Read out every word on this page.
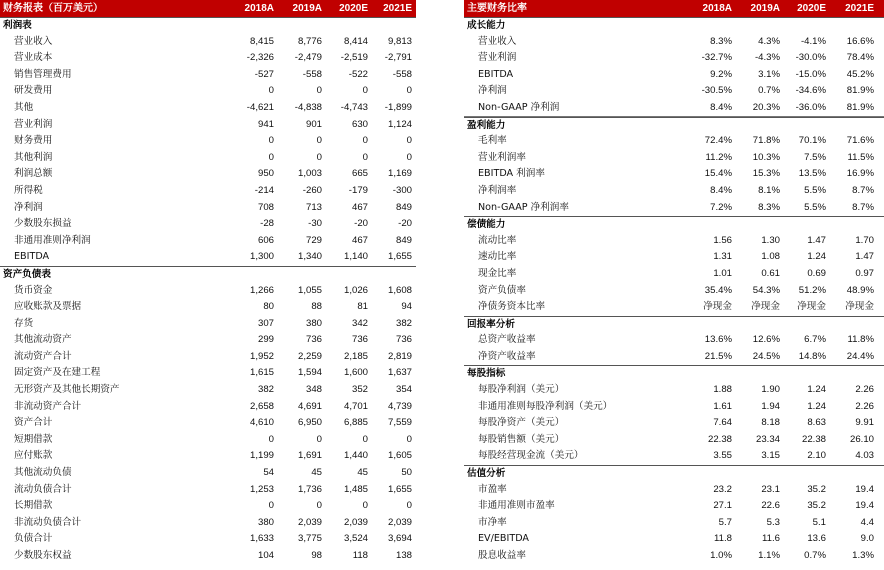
财务报表（百万美元）	2018A	2019A	2020E	2021E
利润表
营业收入	8,415	8,776	8,414	9,813
营业成本	-2,326	-2,479	-2,519	-2,791
销售管理费用	-527	-558	-522	-558
研发费用	0	0	0	0
其他	-4,621	-4,838	-4,743	-1,899
营业利润	941	901	630	1,124
财务费用	0	0	0	0
其他利润	0	0	0	0
利润总额	950	1,003	665	1,169
所得税	-214	-260	-179	-300
净利润	708	713	467	849
少数股东损益	-28	-30	-20	-20
非通用准则净利润	606	729	467	849
EBITDA	1,300	1,340	1,140	1,655
资产负债表
货币资金	1,266	1,055	1,026	1,608
应收账款及票据	80	88	81	94
存货	307	380	342	382
其他流动资产	299	736	736	736
流动资产合计	1,952	2,259	2,185	2,819
固定资产及在建工程	1,615	1,594	1,600	1,637
无形资产及其他长期资产	382	348	352	354
非流动资产合计	2,658	4,691	4,701	4,739
资产合计	4,610	6,950	6,885	7,559
短期借款	0	0	0	0
应付账款	1,199	1,691	1,440	1,605
其他流动负债	54	45	45	50
流动负债合计	1,253	1,736	1,485	1,655
长期借款	0	0	0	0
非流动负债合计	380	2,039	2,039	2,039
负债合计	1,633	3,775	3,524	3,694
少数股东权益	104	98	118	138
主要财务比率	2018A	2019A	2020E	2021E
成长能力
营业收入	8.3%	4.3%	-4.1%	16.6%
营业利润	-32.7%	-4.3%	-30.0%	78.4%
EBITDA	9.2%	3.1%	-15.0%	45.2%
净利润	-30.5%	0.7%	-34.6%	81.9%
Non-GAAP 净利润	8.4%	20.3%	-36.0%	81.9%
盈利能力
毛利率	72.4%	71.8%	70.1%	71.6%
营业利润率	11.2%	10.3%	7.5%	11.5%
EBITDA 利润率	15.4%	15.3%	13.5%	16.9%
净利润率	8.4%	8.1%	5.5%	8.7%
Non-GAAP 净利润率	7.2%	8.3%	5.5%	8.7%
偿债能力
流动比率	1.56	1.30	1.47	1.70
速动比率	1.31	1.08	1.24	1.47
现金比率	1.01	0.61	0.69	0.97
资产负债率	35.4%	54.3%	51.2%	48.9%
净债务资本比率	净现金	净现金	净现金	净现金
回报率分析
总资产收益率	13.6%	12.6%	6.7%	11.8%
净资产收益率	21.5%	24.5%	14.8%	24.4%
每股指标
每股净利润（美元）	1.88	1.90	1.24	2.26
非通用准则每股净利润（美元）	1.61	1.94	1.24	2.26
每股净资产（美元）	7.64	8.18	8.63	9.91
每股销售额（美元）	22.38	23.34	22.38	26.10
每股经营现金流（美元）	3.55	3.15	2.10	4.03
估值分析
市盈率	23.2	23.1	35.2	19.4
非通用准则市盈率	27.1	22.6	35.2	19.4
市净率	5.7	5.3	5.1	4.4
EV/EBITDA	11.8	11.6	13.6	9.0
股息收益率	1.0%	1.1%	0.7%	1.3%
